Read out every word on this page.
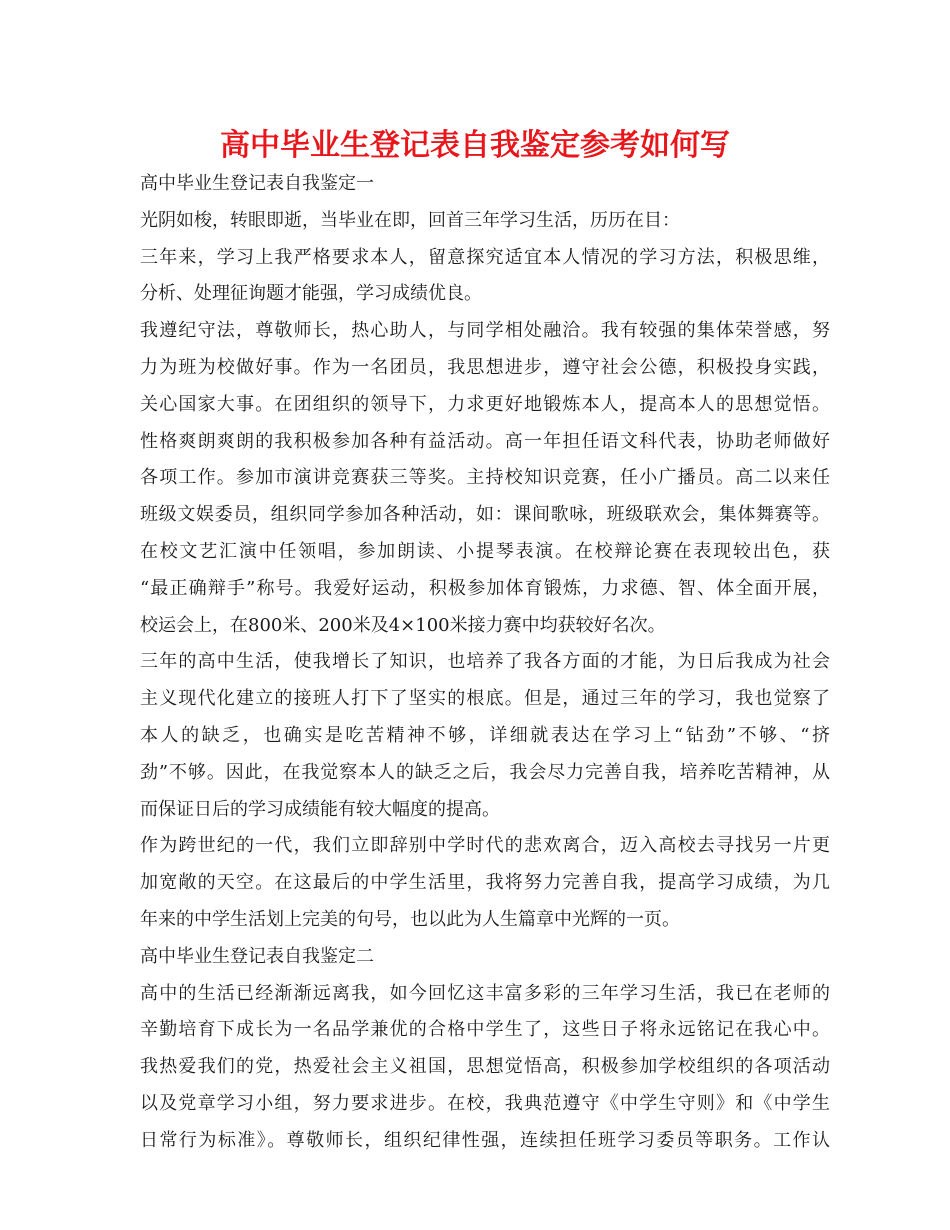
高中毕业生登记表自我鉴定参考如何写
高中毕业生登记表自我鉴定一
光阴如梭，转眼即逝，当毕业在即，回首三年学习生活，历历在目：
三年来，学习上我严格要求本人，留意探究适宜本人情况的学习方法，积极思维，
分析、处理征询题才能强，学习成绩优良。
我遵纪守法，尊敬师长，热心助人，与同学相处融洽。我有较强的集体荣誉感，努
力为班为校做好事。作为一名团员，我思想进步，遵守社会公德，积极投身实践，
关心国家大事。在团组织的领导下，力求更好地锻炼本人，提高本人的思想觉悟。
性格爽朗爽朗的我积极参加各种有益活动。高一年担任语文科代表，协助老师做好
各项工作。参加市演讲竞赛获三等奖。主持校知识竞赛，任小广播员。高二以来任
班级文娱委员，组织同学参加各种活动，如：课间歌咏，班级联欢会，集体舞赛等。
在校文艺汇演中任领唱，参加朗读、小提琴表演。在校辩论赛在表现较出色，获
“最正确辩手”称号。我爱好运动，积极参加体育锻炼，力求德、智、体全面开展，
校运会上，在800米、200米及4×100米接力赛中均获较好名次。
三年的高中生活，使我增长了知识，也培养了我各方面的才能，为日后我成为社会
主义现代化建立的接班人打下了坚实的根底。但是，通过三年的学习，我也觉察了
本人的缺乏，也确实是吃苦精神不够，详细就表达在学习上“钻劲”不够、“挤
劲”不够。因此，在我觉察本人的缺乏之后，我会尽力完善自我，培养吃苦精神，从
而保证日后的学习成绩能有较大幅度的提高。
作为跨世纪的一代，我们立即辞别中学时代的悲欢离合，迈入高校去寻找另一片更
加宽敞的天空。在这最后的中学生活里，我将努力完善自我，提高学习成绩，为几
年来的中学生活划上完美的句号，也以此为人生篇章中光辉的一页。
高中毕业生登记表自我鉴定二
高中的生活已经渐渐远离我，如今回忆这丰富多彩的三年学习生活，我已在老师的
辛勤培育下成长为一名品学兼优的合格中学生了，这些日子将永远铭记在我心中。
我热爱我们的党，热爱社会主义祖国，思想觉悟高，积极参加学校组织的各项活动
以及党章学习小组，努力要求进步。在校，我典范遵守《中学生守则》和《中学生
日常行为标准》。尊敬师长，组织纪律性强，连续担任班学习委员等职务。工作认
